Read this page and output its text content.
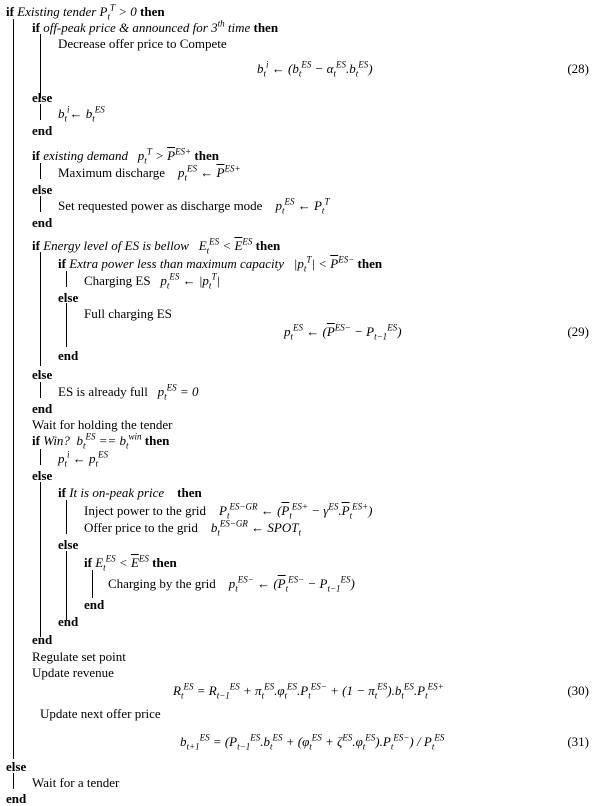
if Existing tender $P_t^T > 0$ then
if off-peak price & announced for 3th time then
Decrease offer price to Compete
$b_t^i$ ← $(b_t^{ES} - \alpha_t^{ES}.b_t^{ES})$	(28)
else
$b_t^i\leftarrow$ $b_t^{ES}$
end
if existing demand $p_t^T > \overline{P}^{ES+}$ then
Maximum discharge $p_t^{ES}$ ← $\overline{P}^{ES+}$
else
Set requested power as discharge mode $p_t^{ES}$ ← $P_t^T$
end
if Energy level of ES is bellow $E_t^{ES} < \overline{E}^{ES}$ then
if Extra power less than maximum capacity $|p_t^T| < \overline{P}^{ES-}$ then
Charging ES $p_t^{ES}$ ← $|p_t^T|$
else
Full charging ES
$p_t^{ES}$ ← $(\overline{P}^{ES-} - P_{t-1}^{ES})$	(29)
end
else
ES is already full $p_t^{ES} = 0$
end
Wait for holding the tender
if Win? $b_t^{ES} == b_t^{win}$ then
$p_t^i$ ← $p_t^{ES}$
else
if It is on-peak price then
Inject power to the grid $P_t^{ES-GR}$ ← $(\overline{P}_t^{ES+} - \gamma^{ES}.\overline{P}_t^{ES+})$
Offer price to the grid $b_t^{ES-GR}$ ← $SPOT_t$
else
if $E_t^{ES} < \overline{E}^{ES}$ then
Charging by the grid $p_t^{ES-}$ ← $(\overline{P}_t^{ES-} - P_{t-1}^{ES})$
end
end
end
Regulate set point
Update revenue
$R_t^{ES} = R_{t-1}^{ES} + \pi_t^{ES}.\varphi_t^{ES}.P_t^{ES-} + (1 - \pi_t^{ES}).b_t^{ES}.P_t^{ES+}$	(30)
Update next offer price
$b_{t+1}^{ES} = (P_{t-1}^{ES}.b_t^{ES} + (\varphi_t^{ES} + \zeta^{ES}.\varphi_t^{ES}).P_t^{ES-}) / P_t^{ES}$	(31)
else
Wait for a tender
end
